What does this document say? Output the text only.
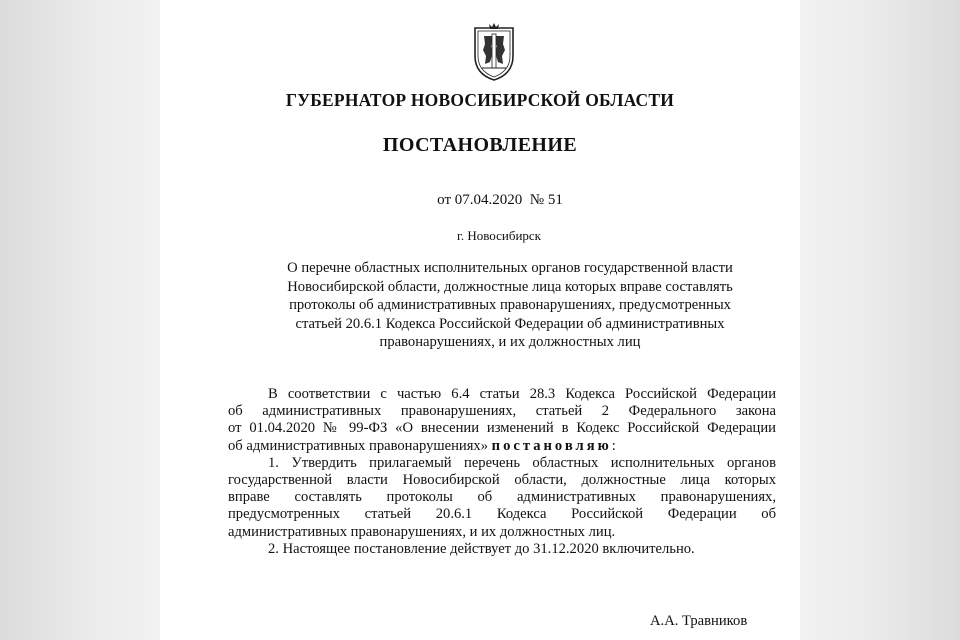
ГУБЕРНАТОР НОВОСИБИРСКОЙ ОБЛАСТИ
ПОСТАНОВЛЕНИЕ
от 07.04.2020  № 51
г. Новосибирск
О перечне областных исполнительных органов государственной власти
Новосибирской области, должностные лица которых вправе составлять
протоколы об административных правонарушениях, предусмотренных
статьей 20.6.1 Кодекса Российской Федерации об административных
правонарушениях, и их должностных лиц
В соответствии с частью 6.4 статьи 28.3 Кодекса Российской Федерации
об административных правонарушениях, статьей 2 Федерального закона
от 01.04.2020 № 99-ФЗ «О внесении изменений в Кодекс Российской Федерации
об административных правонарушениях» постановляю:
1. Утвердить прилагаемый перечень областных исполнительных органов
государственной власти Новосибирской области, должностные лица которых
вправе составлять протоколы об административных правонарушениях,
предусмотренных статьей 20.6.1 Кодекса Российской Федерации об
административных правонарушениях, и их должностных лиц.
2. Настоящее постановление действует до 31.12.2020 включительно.
А.А. Травников
